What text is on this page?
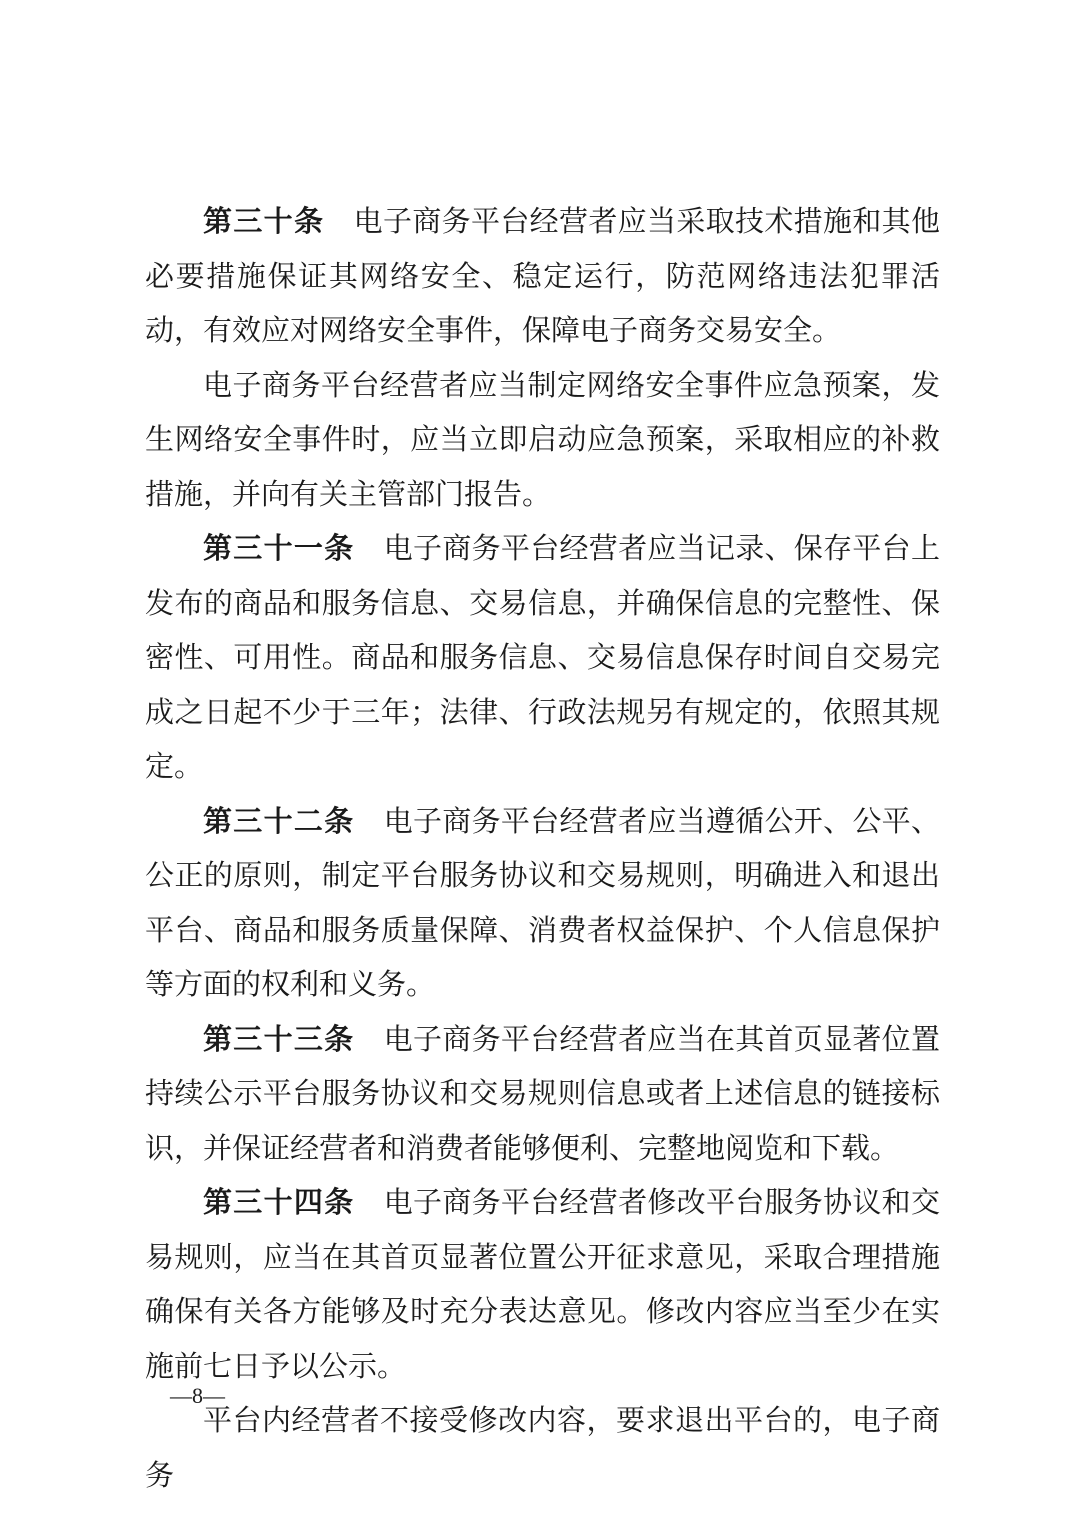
第三十条 电子商务平台经营者应当采取技术措施和其他必要措施保证其网络安全、稳定运行，防范网络违法犯罪活动，有效应对网络安全事件，保障电子商务交易安全。

电子商务平台经营者应当制定网络安全事件应急预案，发生网络安全事件时，应当立即启动应急预案，采取相应的补救措施，并向有关主管部门报告。

第三十一条 电子商务平台经营者应当记录、保存平台上发布的商品和服务信息、交易信息，并确保信息的完整性、保密性、可用性。商品和服务信息、交易信息保存时间自交易完成之日起不少于三年；法律、行政法规另有规定的，依照其规定。

第三十二条 电子商务平台经营者应当遵循公开、公平、公正的原则，制定平台服务协议和交易规则，明确进入和退出平台、商品和服务质量保障、消费者权益保护、个人信息保护等方面的权利和义务。

第三十三条 电子商务平台经营者应当在其首页显著位置持续公示平台服务协议和交易规则信息或者上述信息的链接标识，并保证经营者和消费者能够便利、完整地阅览和下载。

第三十四条 电子商务平台经营者修改平台服务协议和交易规则，应当在其首页显著位置公开征求意见，采取合理措施确保有关各方能够及时充分表达意见。修改内容应当至少在实施前七日予以公示。

平台内经营者不接受修改内容，要求退出平台的，电子商务

—8—
